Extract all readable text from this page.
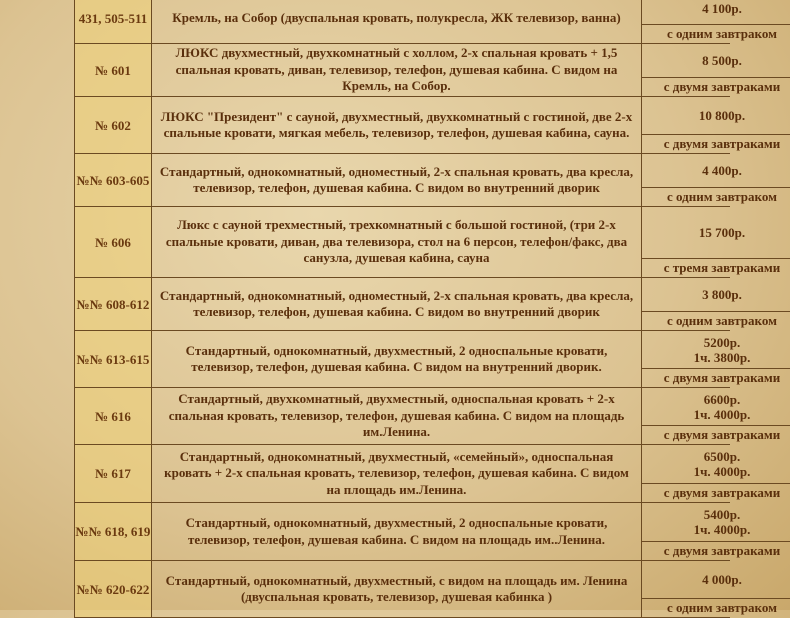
431, 505-511	Кремль, на Собор (двуспальная кровать, полукресла, ЖК телевизор, ванна)
4 100р.
с одним завтраком
№ 601
ЛЮКС двухместный, двухкомнатный с холлом, 2-х спальная кровать + 1,5 спальная кровать, диван, телевизор, телефон, душевая кабина. С видом на Кремль, на Собор.
8 500р.
с двумя завтраками
№ 602
ЛЮКС "Президент" с сауной, двухместный, двухкомнатный с гостиной, две 2-х спальные кровати, мягкая мебель, телевизор, телефон, душевая кабина, сауна.
10 800р.
с двумя завтраками
№№ 603-605
Стандартный, однокомнатный, одноместный, 2-х спальная кровать, два кресла, телевизор, телефон, душевая кабина. С видом во внутренний дворик
4 400р.
с одним завтраком
№ 606
Люкс с сауной трехместный, трехкомнатный с большой гостиной, (три 2-х спальные кровати, диван, два телевизора, стол на 6 персон, телефон/факс, два санузла, душевая кабина, сауна
15 700р.
с тремя завтраками
№№ 608-612
Стандартный, однокомнатный, одноместный, 2-х спальная кровать, два кресла, телевизор, телефон, душевая кабина. С видом во внутренний дворик
3 800р.
с одним завтраком
№№ 613-615
Стандартный, однокомнатный, двухместный, 2 односпальные кровати, телевизор, телефон, душевая кабина. С видом на внутренний дворик.
5200р.
1ч. 3800р.
с двумя завтраками
№ 616
Стандартный, двухкомнатный, двухместный, односпальная кровать + 2-х спальная кровать, телевизор, телефон, душевая кабина. С видом на площадь им.Ленина.
6600р.
1ч. 4000р.
с двумя завтраками
№ 617
Стандартный, однокомнатный, двухместный, «семейный», односпальная кровать + 2-х спальная кровать, телевизор, телефон, душевая кабина. С видом на площадь им.Ленина.
6500р.
1ч. 4000р.
с двумя завтраками
№№ 618, 619
Стандартный, однокомнатный, двухместный, 2 односпальные кровати, телевизор, телефон, душевая кабина. С видом на площадь им..Ленина.
5400р.
1ч. 4000р.
с двумя завтраками
№№ 620-622
Стандартный, однокомнатный, двухместный, с видом на площадь им. Ленина (двуспальная кровать, телевизор, душевая кабинка )
4 000р.
с одним завтраком
